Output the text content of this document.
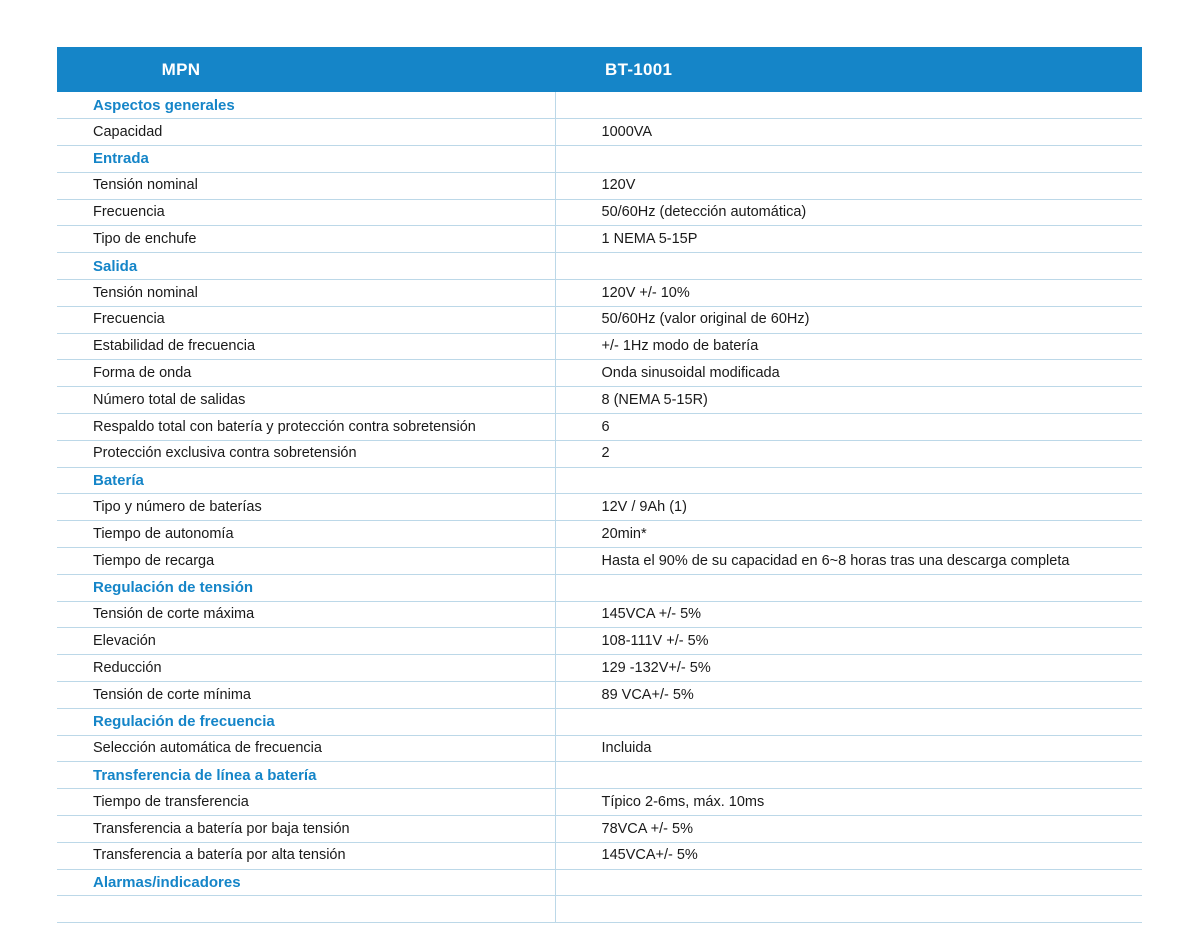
MPN	BT-1001
Aspectos generales	
Capacidad	1000VA
Entrada	
Tensión nominal	120V
Frecuencia	50/60Hz (detección automática)
Tipo de enchufe	1 NEMA 5-15P
Salida	
Tensión nominal	120V +/- 10%
Frecuencia	50/60Hz (valor original de 60Hz)
Estabilidad de frecuencia	+/- 1Hz modo de batería
Forma de onda	Onda sinusoidal modificada
Número total de salidas	8 (NEMA 5-15R)
Respaldo total con batería y protección contra sobretensión	6
Protección exclusiva contra sobretensión	2
Batería	
Tipo y número de baterías	12V / 9Ah (1)
Tiempo de autonomía	20min*
Tiempo de recarga	Hasta el 90% de su capacidad en 6~8 horas tras una descarga completa
Regulación de tensión	
Tensión de corte máxima	145VCA +/- 5%
Elevación	108-111V +/- 5%
Reducción	129 -132V+/- 5%
Tensión de corte mínima	89 VCA+/- 5%
Regulación de frecuencia	
Selección automática de frecuencia	Incluida
Transferencia de línea a batería	
Tiempo de transferencia	Típico 2-6ms, máx. 10ms
Transferencia a batería por baja tensión	78VCA +/- 5%
Transferencia a batería por alta tensión	145VCA+/- 5%
Alarmas/indicadores	
